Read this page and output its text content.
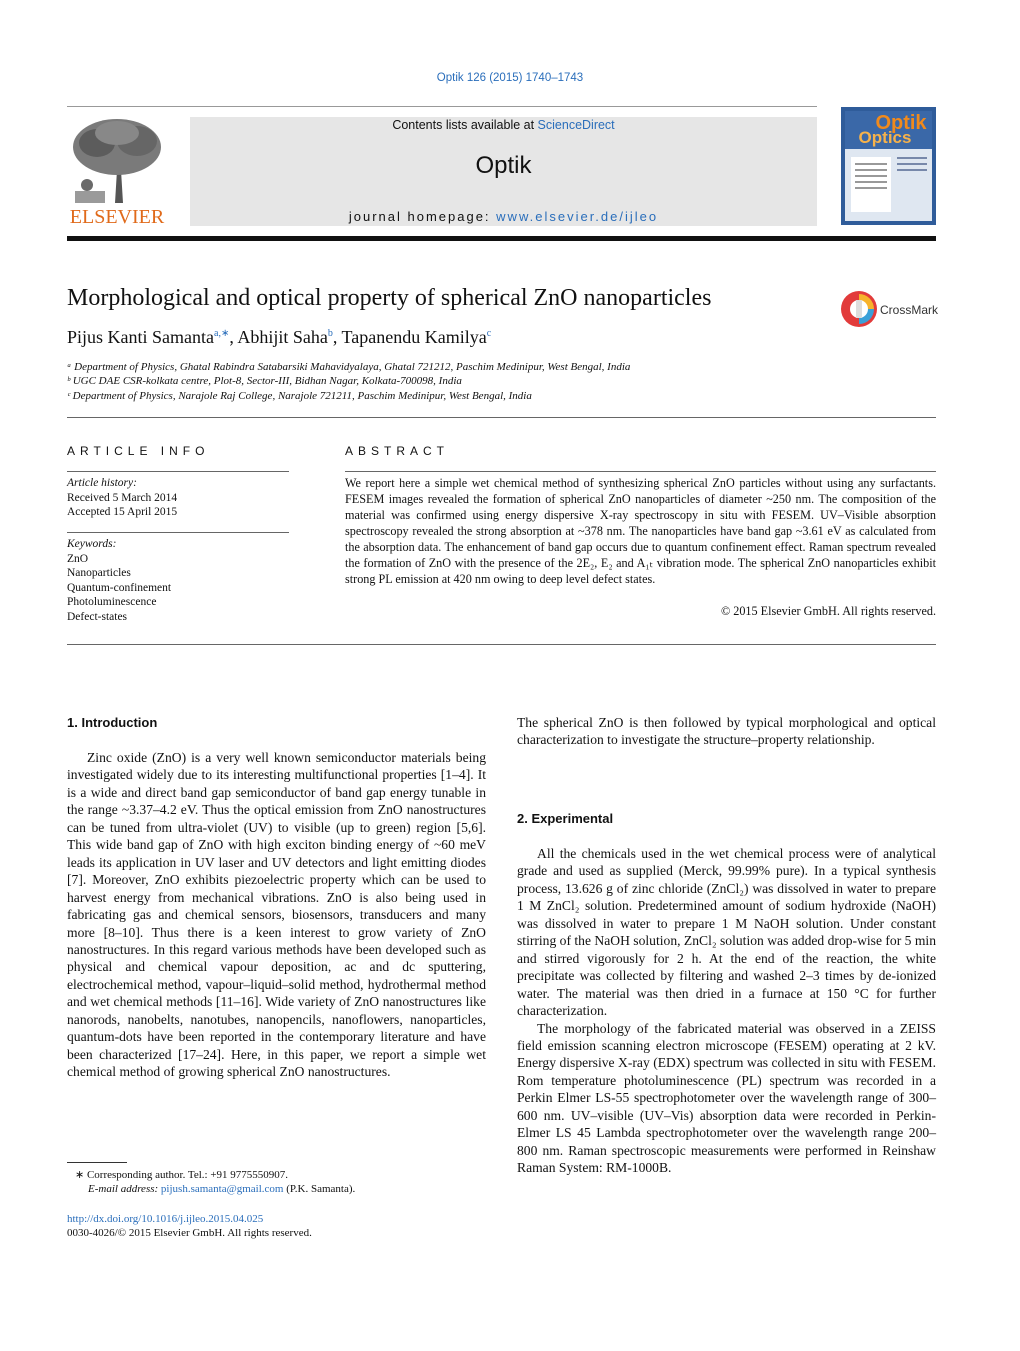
Optik 126 (2015) 1740–1743
ELSEVIER
Contents lists available at ScienceDirect
Optik
journal homepage: www.elsevier.de/ijleo
Optik
Optics
Morphological and optical property of spherical ZnO nanoparticles	CrossMark
Pijus Kanti Samanta$^{a,∗}$, Abhijit Saha$^b$, Tapanendu Kamilya$^c$
ᵃ Department of Physics, Ghatal Rabindra Satabarsiki Mahavidyalaya, Ghatal 721212, Paschim Medinipur, West Bengal, India
ᵇ UGC DAE CSR-kolkata centre, Plot-8, Sector-III, Bidhan Nagar, Kolkata-700098, India
ᶜ Department of Physics, Narajole Raj College, Narajole 721211, Paschim Medinipur, West Bengal, India
ARTICLE INFO
Article history:
Received 5 March 2014
Accepted 15 April 2015
Keywords:
ZnO
Nanoparticles
Quantum-confinement
Photoluminescence
Defect-states
ABSTRACT
We report here a simple wet chemical method of synthesizing spherical ZnO particles without using any surfactants. FESEM images revealed the formation of spherical ZnO nanoparticles of diameter ~250 nm. The composition of the material was confirmed using energy dispersive X-ray spectroscopy in situ with FESEM. UV–Visible absorption spectroscopy revealed the strong absorption at ~378 nm. The nanoparticles have band gap ~3.61 eV as calculated from the absorption data. The enhancement of band gap occurs due to quantum confinement effect. Raman spectrum revealed the formation of ZnO with the presence of the 2E₂, E₂ and A₁ₜ vibration mode. The spherical ZnO nanoparticles exhibit strong PL emission at 420 nm owing to deep level defect states.
© 2015 Elsevier GmbH. All rights reserved.
1. Introduction

Zinc oxide (ZnO) is a very well known semiconductor materials being investigated widely due to its interesting multifunctional properties [1–4]. It is a wide and direct band gap semiconductor of band gap energy tunable in the range ~3.37–4.2 eV. Thus the optical emission from ZnO nanostructures can be tuned from ultra-violet (UV) to visible (up to green) region [5,6]. This wide band gap of ZnO with high exciton binding energy of ~60 meV leads its application in UV laser and UV detectors and light emitting diodes [7]. Moreover, ZnO exhibits piezoelectric property which can be used to harvest energy from mechanical vibrations. ZnO is also being used in fabricating gas and chemical sensors, biosensors, transducers and many more [8–10]. Thus there is a keen interest to grow variety of ZnO nanostructures. In this regard various methods have been developed such as physical and chemical vapour deposition, ac and dc sputtering, electrochemical method, vapour–liquid–solid method, hydrothermal method and wet chemical methods [11–16]. Wide variety of ZnO nanostructures like nanorods, nanobelts, nanotubes, nanopencils, nanoflowers, nanoparticles, quantum-dots have been reported in the contemporary literature and have been characterized [17–24]. Here, in this paper, we report a simple wet chemical method of growing spherical ZnO nanostructures.

∗ Corresponding author. Tel.: +91 9775550907.
E-mail address: pijush.samanta@gmail.com (P.K. Samanta).
http://dx.doi.org/10.1016/j.ijleo.2015.04.025
0030-4026/© 2015 Elsevier GmbH. All rights reserved.

The spherical ZnO is then followed by typical morphological and optical characterization to investigate the structure–property relationship.

2. Experimental

All the chemicals used in the wet chemical process were of analytical grade and used as supplied (Merck, 99.99% pure). In a typical synthesis process, 13.626 g of zinc chloride (ZnCl₂) was dissolved in water to prepare 1 M ZnCl₂ solution. Predetermined amount of sodium hydroxide (NaOH) was dissolved in water to prepare 1 M NaOH solution. Under constant stirring of the NaOH solution, ZnCl₂ solution was added drop-wise for 5 min and stirred vigorously for 2 h. At the end of the reaction, the white precipitate was collected by filtering and washed 2–3 times by de-ionized water. The material was then dried in a furnace at 150 °C for further characterization.

The morphology of the fabricated material was observed in a ZEISS field emission scanning electron microscope (FESEM) operating at 2 kV. Energy dispersive X-ray (EDX) spectrum was collected in situ with FESEM. Rom temperature photoluminescence (PL) spectrum was recorded in a Perkin Elmer LS-55 spectrophotometer over the wavelength range of 300–600 nm. UV–visible (UV–Vis) absorption data were recorded in Perkin-Elmer LS 45 Lambda spectrophotometer over the wavelength range 200–800 nm. Raman spectroscopic measurements were performed in Reinshaw Raman System: RM-1000B.
